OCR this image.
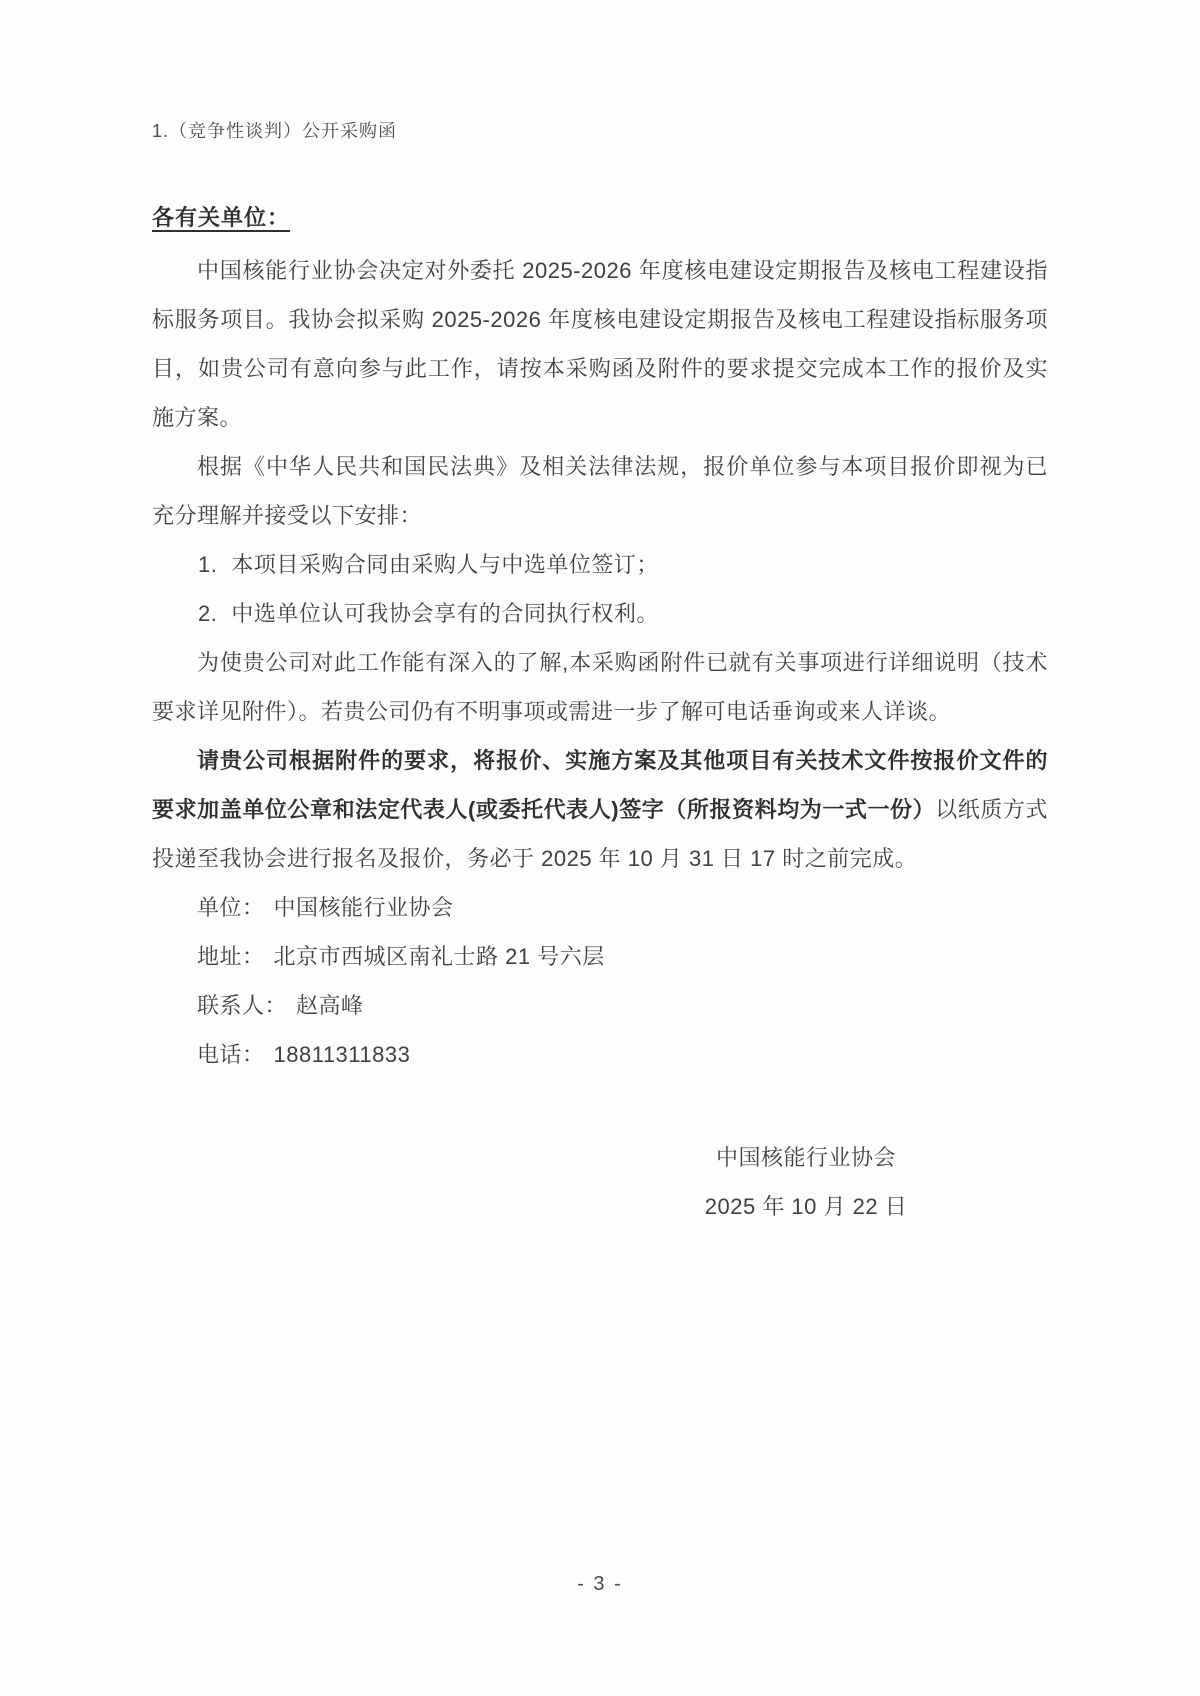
1.（竞争性谈判）公开采购函
各有关单位：

中国核能行业协会决定对外委托 2025-2026 年度核电建设定期报告及核电工程建设指标服务项目。我协会拟采购 2025-2026 年度核电建设定期报告及核电工程建设指标服务项目，如贵公司有意向参与此工作，请按本采购函及附件的要求提交完成本工作的报价及实施方案。

根据《中华人民共和国民法典》及相关法律法规，报价单位参与本项目报价即视为已充分理解并接受以下安排：

1. 本项目采购合同由采购人与中选单位签订；
2. 中选单位认可我协会享有的合同执行权利。

为使贵公司对此工作能有深入的了解,本采购函附件已就有关事项进行详细说明（技术要求详见附件）。若贵公司仍有不明事项或需进一步了解可电话垂询或来人详谈。

请贵公司根据附件的要求，将报价、实施方案及其他项目有关技术文件按报价文件的要求加盖单位公章和法定代表人(或委托代表人)签字（所报资料均为一式一份）以纸质方式投递至我协会进行报名及报价，务必于 2025 年 10 月 31 日 17 时之前完成。

单位： 中国核能行业协会
地址： 北京市西城区南礼士路 21 号六层
联系人： 赵高峰
电话： 18811311833
中国核能行业协会
2025 年 10 月 22 日
- 3 -
